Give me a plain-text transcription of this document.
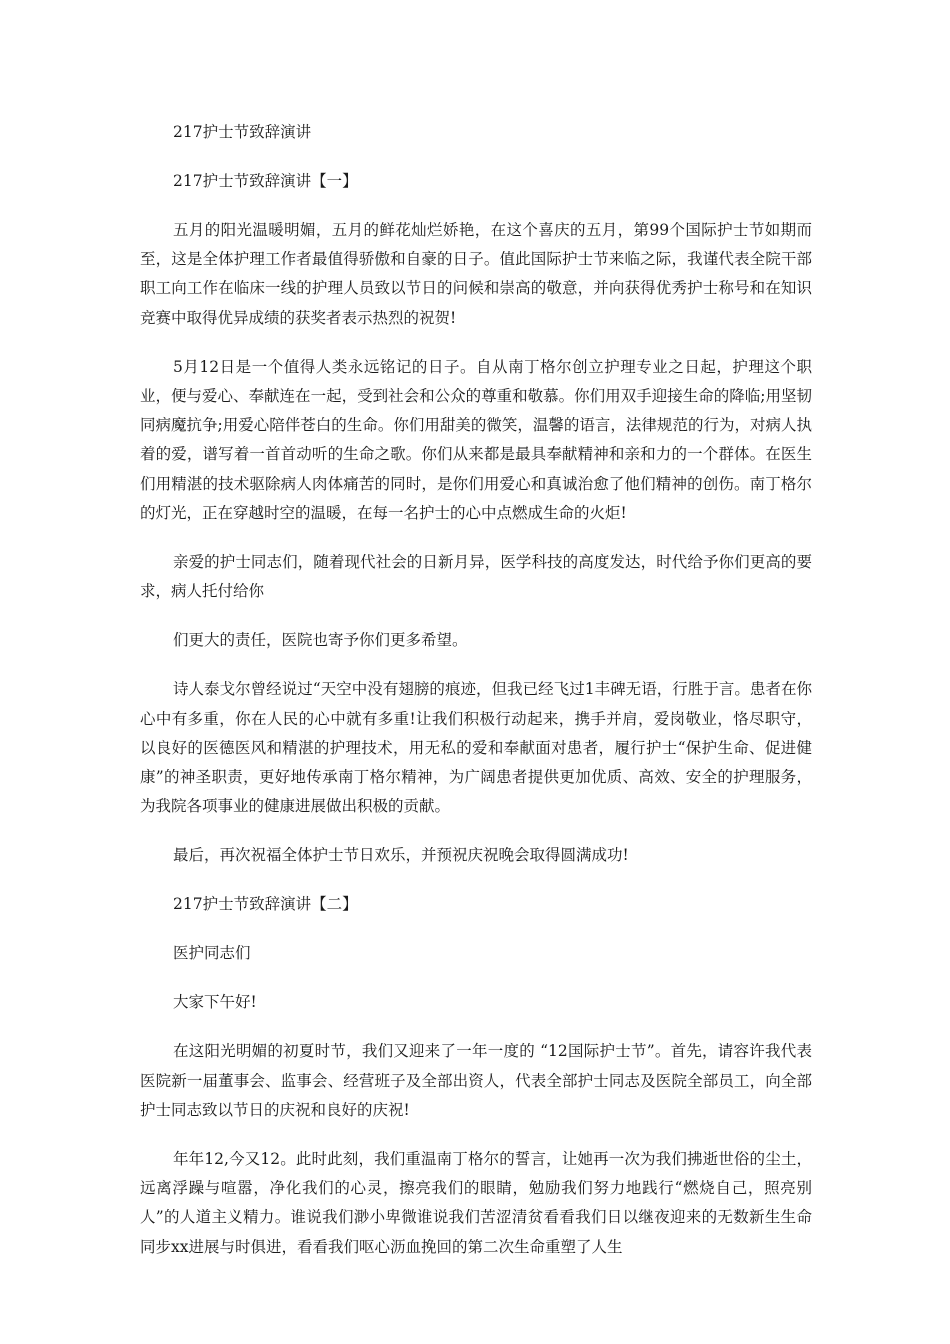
217护士节致辞演讲

217护士节致辞演讲【一】

五月的阳光温暖明媚，五月的鲜花灿烂娇艳，在这个喜庆的五月，第99个国际护士节如期而至，这是全体护理工作者最值得骄傲和自豪的日子。值此国际护士节来临之际，我谨代表全院干部职工向工作在临床一线的护理人员致以节日的问候和崇高的敬意，并向获得优秀护士称号和在知识竞赛中取得优异成绩的获奖者表示热烈的祝贺!

5月12日是一个值得人类永远铭记的日子。自从南丁格尔创立护理专业之日起，护理这个职业，便与爱心、奉献连在一起，受到社会和公众的尊重和敬慕。你们用双手迎接生命的降临;用坚韧同病魔抗争;用爱心陪伴苍白的生命。你们用甜美的微笑，温馨的语言，法律规范的行为，对病人执着的爱，谱写着一首首动听的生命之歌。你们从来都是最具奉献精神和亲和力的一个群体。在医生们用精湛的技术驱除病人肉体痛苦的同时，是你们用爱心和真诚治愈了他们精神的创伤。南丁格尔的灯光，正在穿越时空的温暖，在每一名护士的心中点燃成生命的火炬!

亲爱的护士同志们，随着现代社会的日新月异，医学科技的高度发达，时代给予你们更高的要求，病人托付给你

们更大的责任，医院也寄予你们更多希望。

诗人泰戈尔曾经说过“天空中没有翅膀的痕迹，但我已经飞过1丰碑无语，行胜于言。患者在你心中有多重，你在人民的心中就有多重!让我们积极行动起来，携手并肩，爱岗敬业，恪尽职守，以良好的医德医风和精湛的护理技术，用无私的爱和奉献面对患者，履行护士“保护生命、促进健康”的神圣职责，更好地传承南丁格尔精神，为广阔患者提供更加优质、高效、安全的护理服务，为我院各项事业的健康进展做出积极的贡献。

最后，再次祝福全体护士节日欢乐，并预祝庆祝晚会取得圆满成功!

217护士节致辞演讲【二】

医护同志们

大家下午好!

在这阳光明媚的初夏时节，我们又迎来了一年一度的 “12国际护士节”。首先，请容许我代表医院新一届董事会、监事会、经营班子及全部出资人，代表全部护士同志及医院全部员工，向全部护士同志致以节日的庆祝和良好的庆祝!

年年12,今又12。此时此刻，我们重温南丁格尔的誓言，让她再一次为我们拂逝世俗的尘土，远离浮躁与喧嚣，净化我们的心灵，擦亮我们的眼睛，勉励我们努力地践行“燃烧自己，照亮别人”的人道主义精力。谁说我们渺小卑微谁说我们苦涩清贫看看我们日以继夜迎来的无数新生生命同步xx进展与时俱进，看看我们呕心沥血挽回的第二次生命重塑了人生
